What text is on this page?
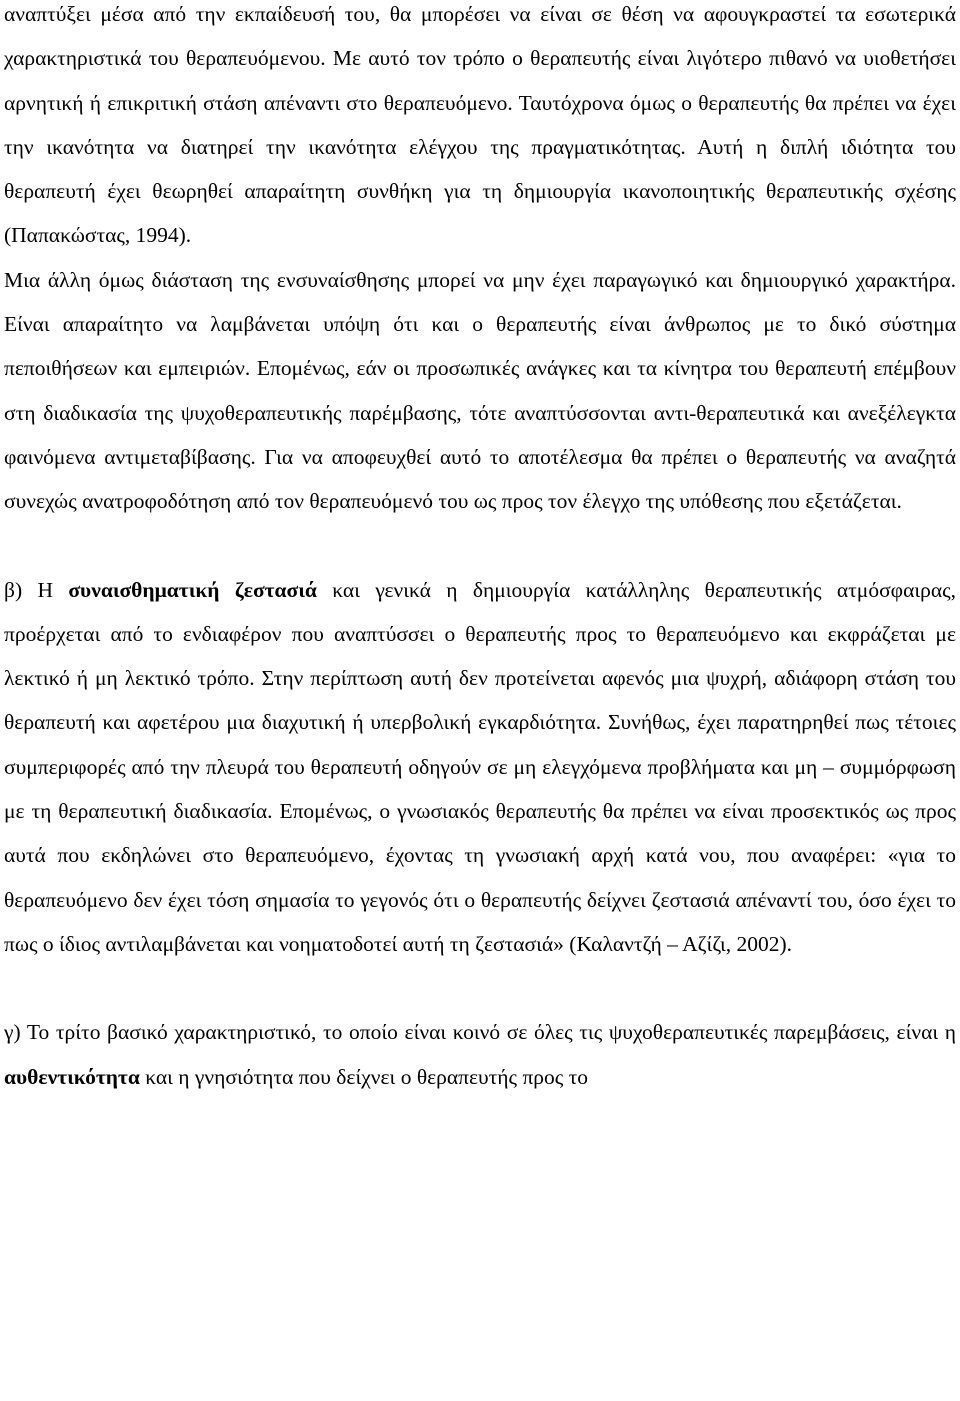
αναπτύξει μέσα από την εκπαίδευσή του, θα μπορέσει να είναι σε θέση να αφουγκραστεί τα εσωτερικά χαρακτηριστικά του θεραπευόμενου. Με αυτό τον τρόπο ο θεραπευτής είναι λιγότερο πιθανό να υιοθετήσει αρνητική ή επικριτική στάση απέναντι στο θεραπευόμενο. Ταυτόχρονα όμως ο θεραπευτής θα πρέπει να έχει την ικανότητα να διατηρεί την ικανότητα ελέγχου της πραγματικότητας. Αυτή η διπλή ιδιότητα του θεραπευτή έχει θεωρηθεί απαραίτητη συνθήκη για τη δημιουργία ικανοποιητικής θεραπευτικής σχέσης (Παπακώστας, 1994).

Μια άλλη όμως διάσταση της ενσυναίσθησης μπορεί να μην έχει παραγωγικό και δημιουργικό χαρακτήρα. Είναι απαραίτητο να λαμβάνεται υπόψη ότι και ο θεραπευτής είναι άνθρωπος με το δικό σύστημα πεποιθήσεων και εμπειριών. Επομένως, εάν οι προσωπικές ανάγκες και τα κίνητρα του θεραπευτή επέμβουν στη διαδικασία της ψυχοθεραπευτικής παρέμβασης, τότε αναπτύσσονται αντι-θεραπευτικά και ανεξέλεγκτα φαινόμενα αντιμεταβίβασης. Για να αποφευχθεί αυτό το αποτέλεσμα θα πρέπει ο θεραπευτής να αναζητά συνεχώς ανατροφοδότηση από τον θεραπευόμενό του ως προς τον έλεγχο της υπόθεσης που εξετάζεται.

β) Η συναισθηματική ζεστασιά και γενικά η δημιουργία κατάλληλης θεραπευτικής ατμόσφαιρας, προέρχεται από το ενδιαφέρον που αναπτύσσει ο θεραπευτής προς το θεραπευόμενο και εκφράζεται με λεκτικό ή μη λεκτικό τρόπο. Στην περίπτωση αυτή δεν προτείνεται αφενός μια ψυχρή, αδιάφορη στάση του θεραπευτή και αφετέρου μια διαχυτική ή υπερβολική εγκαρδιότητα. Συνήθως, έχει παρατηρηθεί πως τέτοιες συμπεριφορές από την πλευρά του θεραπευτή οδηγούν σε μη ελεγχόμενα προβλήματα και μη – συμμόρφωση με τη θεραπευτική διαδικασία. Επομένως, ο γνωσιακός θεραπευτής θα πρέπει να είναι προσεκτικός ως προς αυτά που εκδηλώνει στο θεραπευόμενο, έχοντας τη γνωσιακή αρχή κατά νου, που αναφέρει: «για το θεραπευόμενο δεν έχει τόση σημασία το γεγονός ότι ο θεραπευτής δείχνει ζεστασιά απέναντί του, όσο έχει το πως ο ίδιος αντιλαμβάνεται και νοηματοδοτεί αυτή τη ζεστασιά» (Καλαντζή – Αζίζι, 2002).

γ) Το τρίτο βασικό χαρακτηριστικό, το οποίο είναι κοινό σε όλες τις ψυχοθεραπευτικές παρεμβάσεις, είναι η αυθεντικότητα και η γνησιότητα που δείχνει ο θεραπευτής προς το
